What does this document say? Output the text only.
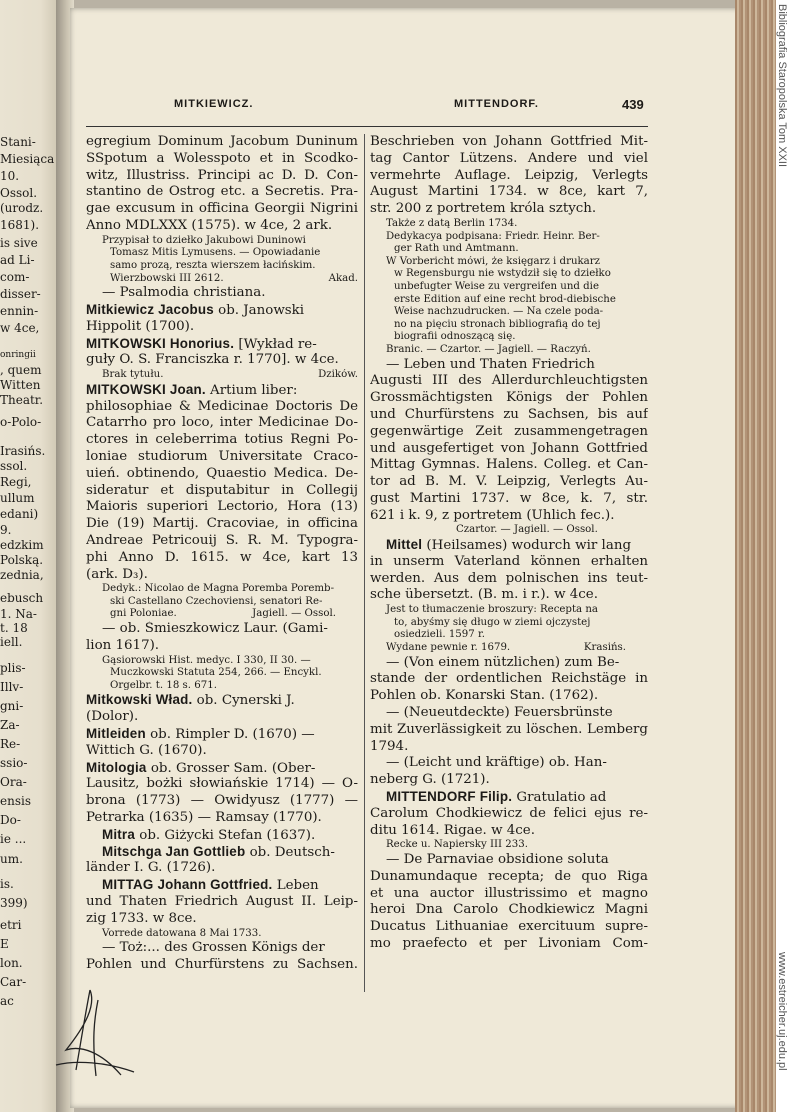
Bibliografia Staropolska Tom XXII
www.estreicher.uj.edu.pl
Stani-
Miesiąca
10.
Ossol.
(urodz.
1681).
is sive
ad Li-
com-
disser-
ennin-
w 4ce,
onringii
, quem
Witten
Theatr.
o-Polo-
Irasińs.
ssol.
Regi,
ullum
edani)
9.
edzkim
Polską.
zednia,
ebusch
1. Na-
t. 18
iell.
plis-
Illv-
gni-
Za-
Re-
ssio-
Ora-
ensis
Do-
ie ...
um.
is.
399)
etri
E
lon.
Car-
ac
MITKIEWICZ.	MITTENDORF.	439
egregium Dominum Jacobum Duninum
SSpotum a Wolesspoto et in Scodko-
witz, Illustriss. Principi ac D. D. Con-
stantino de Ostrog etc. a Secretis. Pra-
gae excusum in officina Georgii Nigrini
Anno MDLXXX (1575). w 4ce, 2 ark.
Przypisał to dziełko Jakubowi Duninowi
Tomasz Mitis Lymusens. — Opowiadanie
samo prozą, reszta wierszem łacińskim.
Wierzbowski III 2612.	Akad.
— Psalmodia christiana.
Mitkiewicz Jacobus ob. Janowski
Hippolit (1700).
MITKOWSKI Honorius. [Wykład re-
guły O. S. Franciszka r. 1770]. w 4ce.
Brak tytułu.	Dzików.
MITKOWSKI Joan. Artium liber:
philosophiae & Medicinae Doctoris De
Catarrho pro loco, inter Medicinae Do-
ctores in celeberrima totius Regni Po-
loniae studiorum Universitate Craco-
uień. obtinendo, Quaestio Medica. De-
sideratur et disputabitur in Collegij
Maioris superiori Lectorio, Hora (13)
Die (19) Martij. Cracoviae, in officina
Andreae Petricouij S. R. M. Typogra-
phi Anno D. 1615. w 4ce, kart 13
(ark. D₃).
Dedyk.: Nicolao de Magna Poremba Poremb-
ski Castellano Czechoviensi, senatori Re-
gni Poloniae.	Jagiell. — Ossol.
— ob. Śmieszkowicz Laur. (Gami-
lion 1617).
Gąsiorowski Hist. medyc. I 330, II 30. —
Muczkowski Statuta 254, 266. — Encykl.
Orgelbr. t. 18 s. 671.
Mitkowski Wład. ob. Cynerski J.
(Dolor).
Mitleiden ob. Rimpler D. (1670) —
Wittich G. (1670).
Mitologia ob. Grosser Sam. (Ober-
Lausitz, bożki słowiańskie 1714) — O-
brona (1773) — Owidyusz (1777) —
Petrarka (1635) — Ramsay (1770).
Mitra ob. Giżycki Stefan (1637).
Mitschga Jan Gottlieb ob. Deutsch-
länder I. G. (1726).
MITTAG Johann Gottfried. Leben
und Thaten Friedrich August II. Leip-
zig 1733. w 8ce.
Vorrede datowana 8 Mai 1733.
— Toż:... des Grossen Königs der
Pohlen und Churfürstens zu Sachsen.
Beschrieben von Johann Gottfried Mit-
tag Cantor Lützens. Andere und viel
vermehrte Auflage. Leipzig, Verlegts
August Martini 1734. w 8ce, kart 7,
str. 200 z portretem króla sztych.
Także z datą Berlin 1734.
Dedykacya podpisana: Friedr. Heinr. Ber-
ger Rath und Amtmann.
W Vorbericht mówi, że księgarz i drukarz
w Regensburgu nie wstydził się to dziełko
unbefugter Weise zu vergreifen und die
erste Edition auf eine recht brod-diebische
Weise nachzudrucken. — Na czele poda-
no na pięciu stronach bibliografią do tej
biografii odnoszącą się.
Branic. — Czartor. — Jagiell. — Raczyń.
— Leben und Thaten Friedrich
Augusti III des Allerdurchleuchtigsten
Grossmächtigsten Königs der Pohlen
und Churfürstens zu Sachsen, bis auf
gegenwärtige Zeit zusammengetragen
und ausgefertiget von Johann Gottfried
Mittag Gymnas. Halens. Colleg. et Can-
tor ad B. M. V. Leipzig, Verlegts Au-
gust Martini 1737. w 8ce, k. 7, str.
621 i k. 9, z portretem (Uhlich fec.).
Czartor. — Jagiell. — Ossol.
Mittel (Heilsames) wodurch wir lang
in unserm Vaterland können erhalten
werden. Aus dem polnischen ins teut-
sche übersetzt. (B. m. i r.). w 4ce.
Jest to tłumaczenie broszury: Recepta na
to, abyśmy się długo w ziemi ojczystej
osiedzieli. 1597 r.
Wydane pewnie r. 1679.	Krasińs.
— (Von einem nützlichen) zum Be-
stande der ordentlichen Reichstäge in
Pohlen ob. Konarski Stan. (1762).
— (Neueutdeckte) Feuersbrünste
mit Zuverlässigkeit zu löschen. Lemberg
1794.
— (Leicht und kräftige) ob. Han-
neberg G. (1721).
MITTENDORF Filip. Gratulatio ad
Carolum Chodkiewicz de felici ejus re-
ditu 1614. Rigae. w 4ce.
Recke u. Napiersky III 233.
— De Parnaviae obsidione soluta
Dunamundaque recepta; de quo Riga
et una auctor illustrissimo et magno
heroi Dna Carolo Chodkiewicz Magni
Ducatus Lithuaniae exercituum supre-
mo praefecto et per Livoniam Com-
